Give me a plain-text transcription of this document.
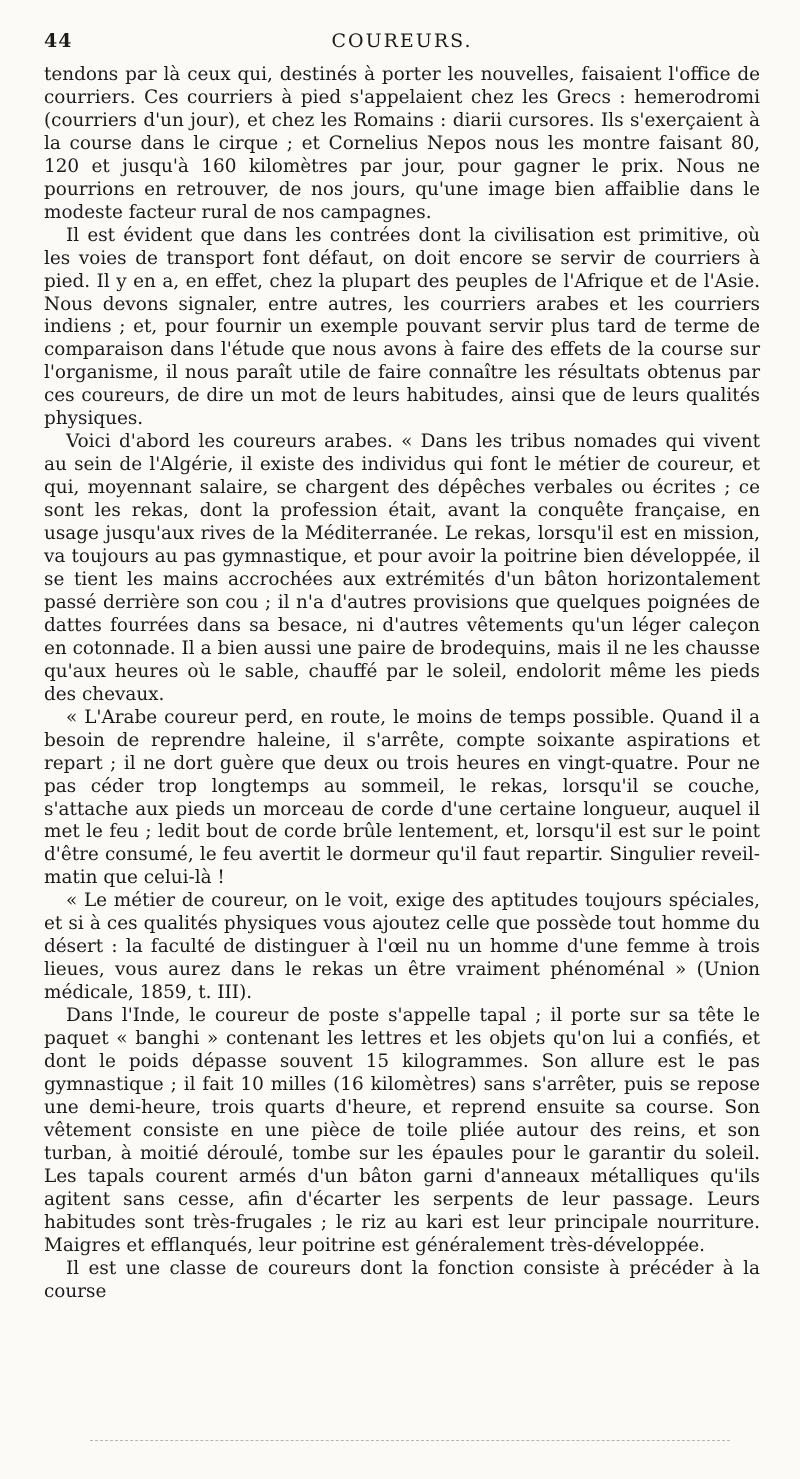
44	COUREURS.

tendons par là ceux qui, destinés à porter les nouvelles, faisaient l'office de courriers. Ces courriers à pied s'appelaient chez les Grecs : hemerodromi (courriers d'un jour), et chez les Romains : diarii cursores. Ils s'exerçaient à la course dans le cirque ; et Cornelius Nepos nous les montre faisant 80, 120 et jusqu'à 160 kilomètres par jour, pour gagner le prix. Nous ne pourrions en retrouver, de nos jours, qu'une image bien affaiblie dans le modeste facteur rural de nos campagnes.

Il est évident que dans les contrées dont la civilisation est primitive, où les voies de transport font défaut, on doit encore se servir de courriers à pied. Il y en a, en effet, chez la plupart des peuples de l'Afrique et de l'Asie. Nous devons signaler, entre autres, les courriers arabes et les courriers indiens ; et, pour fournir un exemple pouvant servir plus tard de terme de comparaison dans l'étude que nous avons à faire des effets de la course sur l'organisme, il nous paraît utile de faire connaître les résultats obtenus par ces coureurs, de dire un mot de leurs habitudes, ainsi que de leurs qualités physiques.

Voici d'abord les coureurs arabes. « Dans les tribus nomades qui vivent au sein de l'Algérie, il existe des individus qui font le métier de coureur, et qui, moyennant salaire, se chargent des dépêches verbales ou écrites ; ce sont les rekas, dont la profession était, avant la conquête française, en usage jusqu'aux rives de la Méditerranée. Le rekas, lorsqu'il est en mission, va toujours au pas gymnastique, et pour avoir la poitrine bien développée, il se tient les mains accrochées aux extrémités d'un bâton horizontalement passé derrière son cou ; il n'a d'autres provisions que quelques poignées de dattes fourrées dans sa besace, ni d'autres vêtements qu'un léger caleçon en cotonnade. Il a bien aussi une paire de brodequins, mais il ne les chausse qu'aux heures où le sable, chauffé par le soleil, endolorit même les pieds des chevaux.

« L'Arabe coureur perd, en route, le moins de temps possible. Quand il a besoin de reprendre haleine, il s'arrête, compte soixante aspirations et repart ; il ne dort guère que deux ou trois heures en vingt-quatre. Pour ne pas céder trop longtemps au sommeil, le rekas, lorsqu'il se couche, s'attache aux pieds un morceau de corde d'une certaine longueur, auquel il met le feu ; ledit bout de corde brûle lentement, et, lorsqu'il est sur le point d'être consumé, le feu avertit le dormeur qu'il faut repartir. Singulier reveil-matin que celui-là !

« Le métier de coureur, on le voit, exige des aptitudes toujours spéciales, et si à ces qualités physiques vous ajoutez celle que possède tout homme du désert : la faculté de distinguer à l'œil nu un homme d'une femme à trois lieues, vous aurez dans le rekas un être vraiment phénoménal » (Union médicale, 1859, t. III).

Dans l'Inde, le coureur de poste s'appelle tapal ; il porte sur sa tête le paquet « banghi » contenant les lettres et les objets qu'on lui a confiés, et dont le poids dépasse souvent 15 kilogrammes. Son allure est le pas gymnastique ; il fait 10 milles (16 kilomètres) sans s'arrêter, puis se repose une demi-heure, trois quarts d'heure, et reprend ensuite sa course. Son vêtement consiste en une pièce de toile pliée autour des reins, et son turban, à moitié déroulé, tombe sur les épaules pour le garantir du soleil. Les tapals courent armés d'un bâton garni d'anneaux métalliques qu'ils agitent sans cesse, afin d'écarter les serpents de leur passage. Leurs habitudes sont très-frugales ; le riz au kari est leur principale nourriture. Maigres et efflanqués, leur poitrine est généralement très-développée.

Il est une classe de coureurs dont la fonction consiste à précéder à la course
